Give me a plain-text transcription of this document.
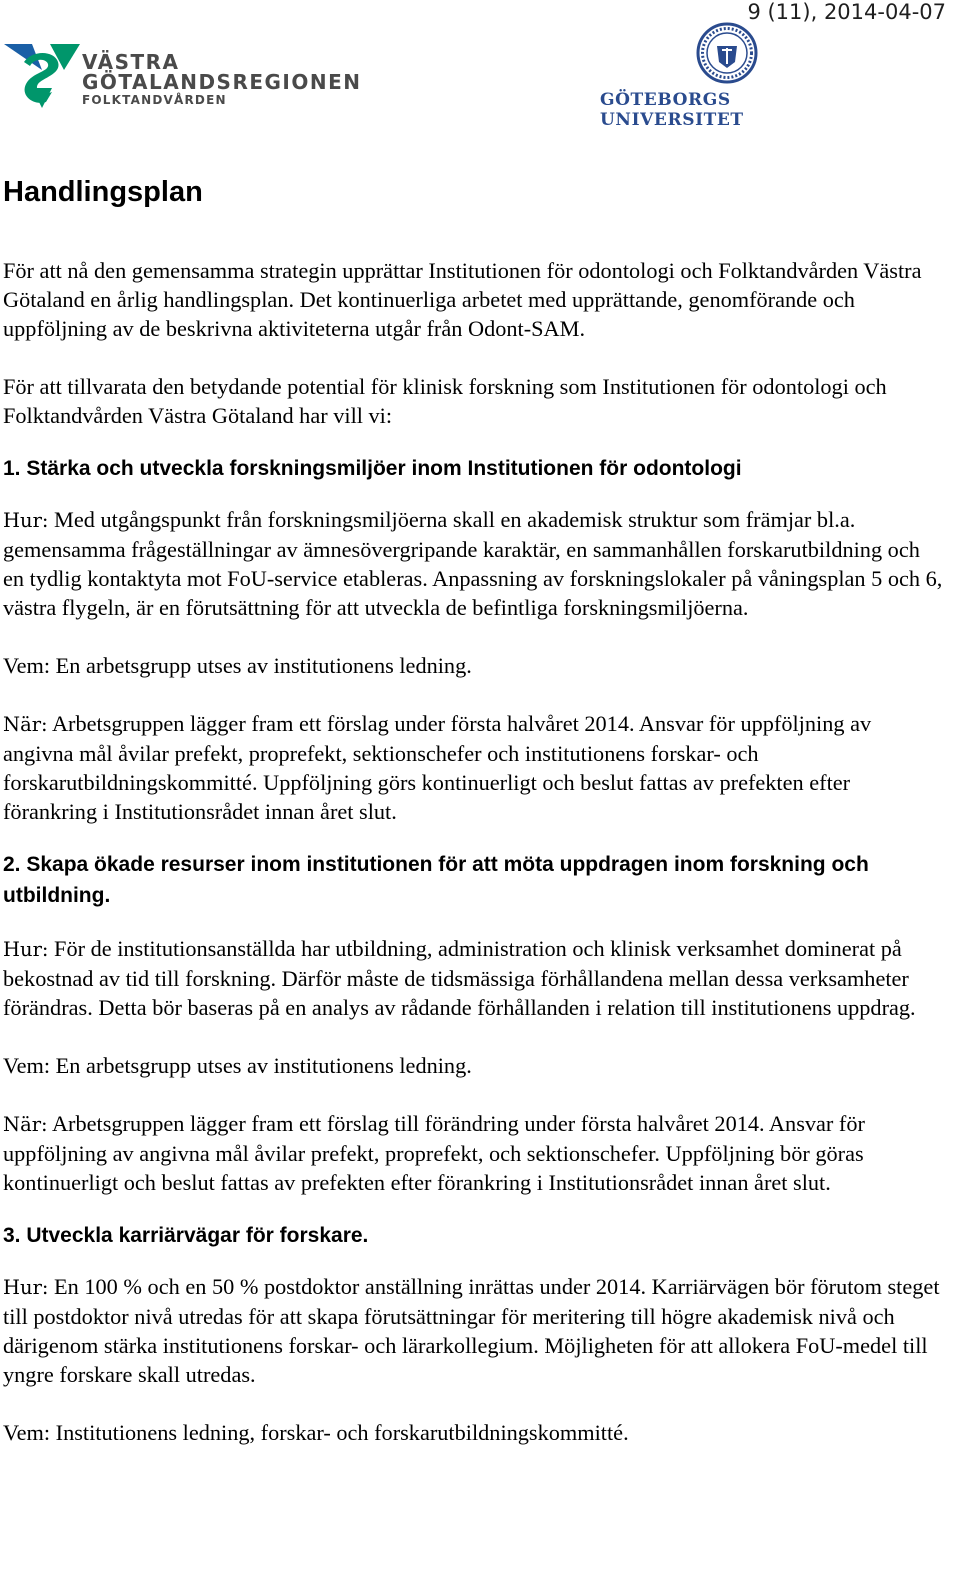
9 (11), 2014-04-07
VÄSTRA
GÖTALANDSREGIONEN
FOLKTANDVÅRDEN	GÖTEBORGS UNIVERSITET
Handlingsplan

För att nå den gemensamma strategin upprättar Institutionen för odontologi och Folktandvården Västra Götaland en årlig handlingsplan. Det kontinuerliga arbetet med upprättande, genomförande och uppföljning av de beskrivna aktiviteterna utgår från Odont-SAM.

För att tillvarata den betydande potential för klinisk forskning som Institutionen för odontologi och Folktandvården Västra Götaland har vill vi:

1. Stärka och utveckla forskningsmiljöer inom Institutionen för odontologi

Hur: Med utgångspunkt från forskningsmiljöerna skall en akademisk struktur som främjar bl.a. gemensamma frågeställningar av ämnesövergripande karaktär, en sammanhållen forskarutbildning och en tydlig kontaktyta mot FoU-service etableras. Anpassning av forskningslokaler på våningsplan 5 och 6, västra flygeln, är en förutsättning för att utveckla de befintliga forskningsmiljöerna.

Vem: En arbetsgrupp utses av institutionens ledning.

När: Arbetsgruppen lägger fram ett förslag under första halvåret 2014. Ansvar för uppföljning av angivna mål åvilar prefekt, proprefekt, sektionschefer och institutionens forskar- och forskarutbildningskommitté. Uppföljning görs kontinuerligt och beslut fattas av prefekten efter förankring i Institutionsrådet innan året slut.

2. Skapa ökade resurser inom institutionen för att möta uppdragen inom forskning och utbildning.

Hur: För de institutionsanställda har utbildning, administration och klinisk verksamhet dominerat på bekostnad av tid till forskning. Därför måste de tidsmässiga förhållandena mellan dessa verksamheter förändras. Detta bör baseras på en analys av rådande förhållanden i relation till institutionens uppdrag.

Vem: En arbetsgrupp utses av institutionens ledning.

När: Arbetsgruppen lägger fram ett förslag till förändring under första halvåret 2014. Ansvar för uppföljning av angivna mål åvilar prefekt, proprefekt, och sektionschefer. Uppföljning bör göras kontinuerligt och beslut fattas av prefekten efter förankring i Institutionsrådet innan året slut.

3. Utveckla karriärvägar för forskare.

Hur: En 100 % och en 50 % postdoktor anställning inrättas under 2014. Karriärvägen bör förutom steget till postdoktor nivå utredas för att skapa förutsättningar för meritering till högre akademisk nivå och därigenom stärka institutionens forskar- och lärarkollegium. Möjligheten för att allokera FoU-medel till yngre forskare skall utredas.

Vem: Institutionens ledning, forskar- och forskarutbildningskommitté.
